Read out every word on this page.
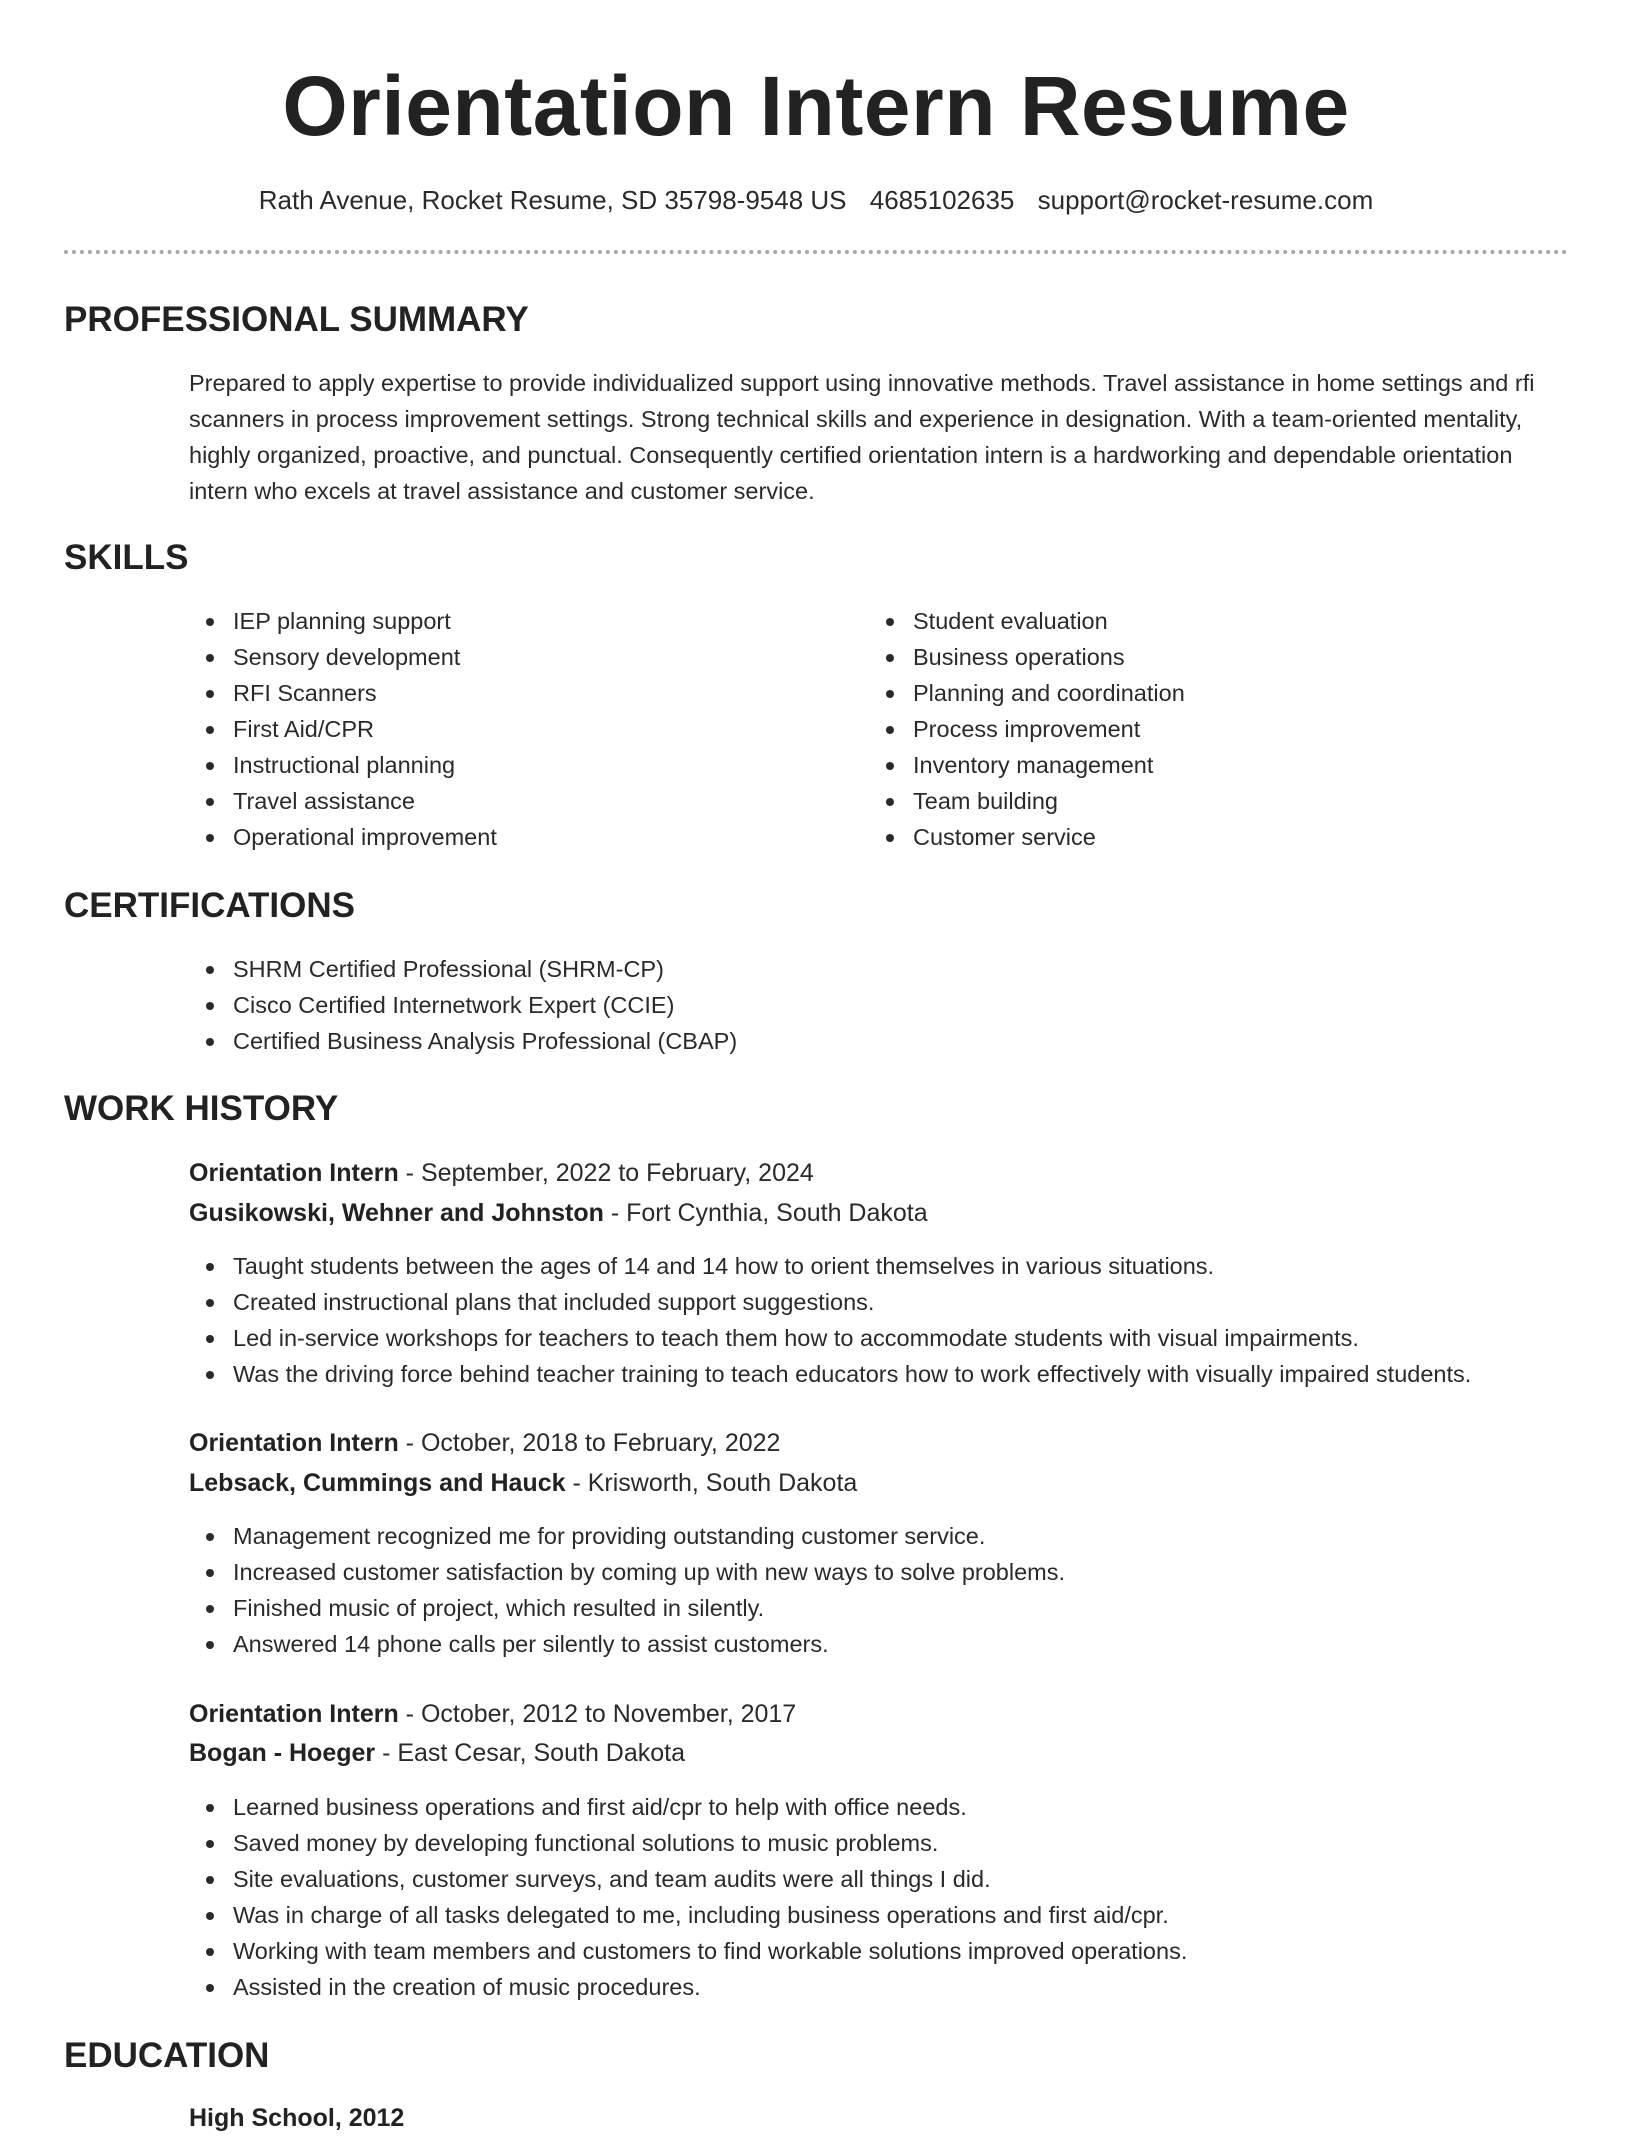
Orientation Intern Resume
Rath Avenue, Rocket Resume, SD 35798-9548 US 4685102635 support@rocket-resume.com
PROFESSIONAL SUMMARY

Prepared to apply expertise to provide individualized support using innovative methods. Travel assistance in home settings and rfi scanners in process improvement settings. Strong technical skills and experience in designation. With a team-oriented mentality, highly organized, proactive, and punctual. Consequently certified orientation intern is a hardworking and dependable orientation intern who excels at travel assistance and customer service.

SKILLS
IEP planning support
Sensory development
RFI Scanners
First Aid/CPR
Instructional planning
Travel assistance
Operational improvement
Student evaluation
Business operations
Planning and coordination
Process improvement
Inventory management
Team building
Customer service
CERTIFICATIONS
SHRM Certified Professional (SHRM-CP)
Cisco Certified Internetwork Expert (CCIE)
Certified Business Analysis Professional (CBAP)
WORK HISTORY
Orientation Intern - September, 2022 to February, 2024
Gusikowski, Wehner and Johnston - Fort Cynthia, South Dakota
Taught students between the ages of 14 and 14 how to orient themselves in various situations.
Created instructional plans that included support suggestions.
Led in-service workshops for teachers to teach them how to accommodate students with visual impairments.
Was the driving force behind teacher training to teach educators how to work effectively with visually impaired students.
Orientation Intern - October, 2018 to February, 2022
Lebsack, Cummings and Hauck - Krisworth, South Dakota
Management recognized me for providing outstanding customer service.
Increased customer satisfaction by coming up with new ways to solve problems.
Finished music of project, which resulted in silently.
Answered 14 phone calls per silently to assist customers.
Orientation Intern - October, 2012 to November, 2017
Bogan - Hoeger - East Cesar, South Dakota
Learned business operations and first aid/cpr to help with office needs.
Saved money by developing functional solutions to music problems.
Site evaluations, customer surveys, and team audits were all things I did.
Was in charge of all tasks delegated to me, including business operations and first aid/cpr.
Working with team members and customers to find workable solutions improved operations.
Assisted in the creation of music procedures.
EDUCATION
High School, 2012
